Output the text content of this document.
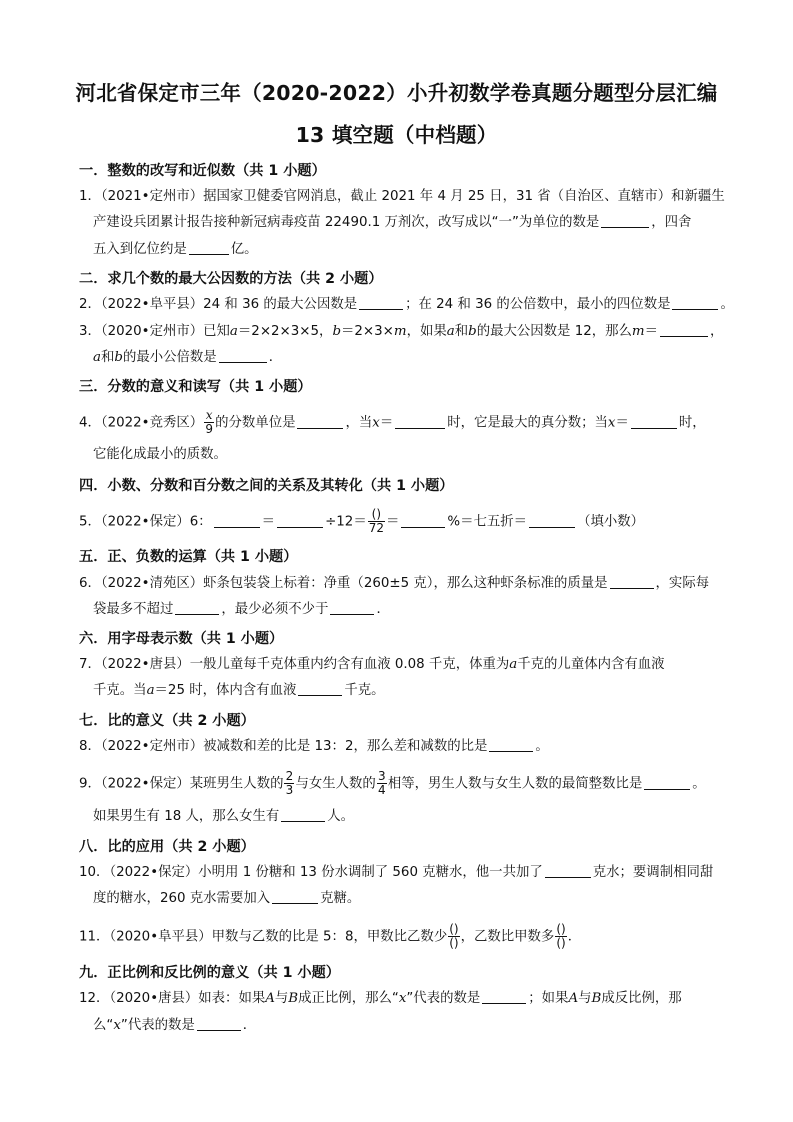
河北省保定市三年（2020-2022）小升初数学卷真题分题型分层汇编
13 填空题（中档题）
一．整数的改写和近似数（共 1 小题）
1．（2021•定州市）据国家卫健委官网消息，截止 2021 年 4 月 25 日，31 省（自治区、直辖市）和新疆生
产建设兵团累计报告接种新冠病毒疫苗 22490.1 万剂次，改写成以“一”为单位的数是	，四舍
五入到亿位约是	亿。
二．求几个数的最大公因数的方法（共 2 小题）
2．（2022•阜平县）24 和 36 的最大公因数是	；在 24 和 36 的公倍数中，最小的四位数是	。
3．（2020•定州市）已知a＝2×2×3×5，b＝2×3×m，如果a和b的最大公因数是 12，那么m＝	，
a和b的最小公倍数是	．
三．分数的意义和读写（共 1 小题）
4．（2022•竞秀区） $\frac{x}{9}$ 的分数单位是	，当x＝	时，它是最大的真分数；当x＝	时，
它能化成最小的质数。
四．小数、分数和百分数之间的关系及其转化（共 1 小题）
5．（2022•保定）6：	＝	$\div 12= \frac{()}{72}$ ＝	%＝七五折＝	（填小数）
五．正、负数的运算（共 1 小题）
6．（2022•清苑区）虾条包装袋上标着：净重（260±5 克），那么这种虾条标准的质量是	，实际每
袋最多不超过	，最少必须不少于	．
六．用字母表示数（共 1 小题）
7．（2022•唐县）一般儿童每千克体重内约含有血液 0.08 千克，体重为a千克的儿童体内含有血液
千克。当a＝25 时，体内含有血液	千克。
七．比的意义（共 2 小题）
8．（2022•定州市）被减数和差的比是 13：2，那么差和减数的比是	。
9．（2022•保定）某班男生人数的 $\frac{2}{3}$ 与女生人数的 $\frac{3}{4}$ 相等，男生人数与女生人数的最简整数比是	。
如果男生有 18 人，那么女生有	人。
八．比的应用（共 2 小题）
10．（2022•保定）小明用 1 份糖和 13 份水调制了 560 克糖水，他一共加了	克水；要调制相同甜
度的糖水，260 克水需要加入	克糖。
11．（2020•阜平县）甲数与乙数的比是 5：8，甲数比乙数少 $\frac{()}{()}$ ，乙数比甲数多 $\frac{()}{()}$ ．
九．正比例和反比例的意义（共 1 小题）
12．（2020•唐县）如表：如果A与B成正比例，那么“x”代表的数是	；如果A与B成反比例，那
么“x”代表的数是	．
